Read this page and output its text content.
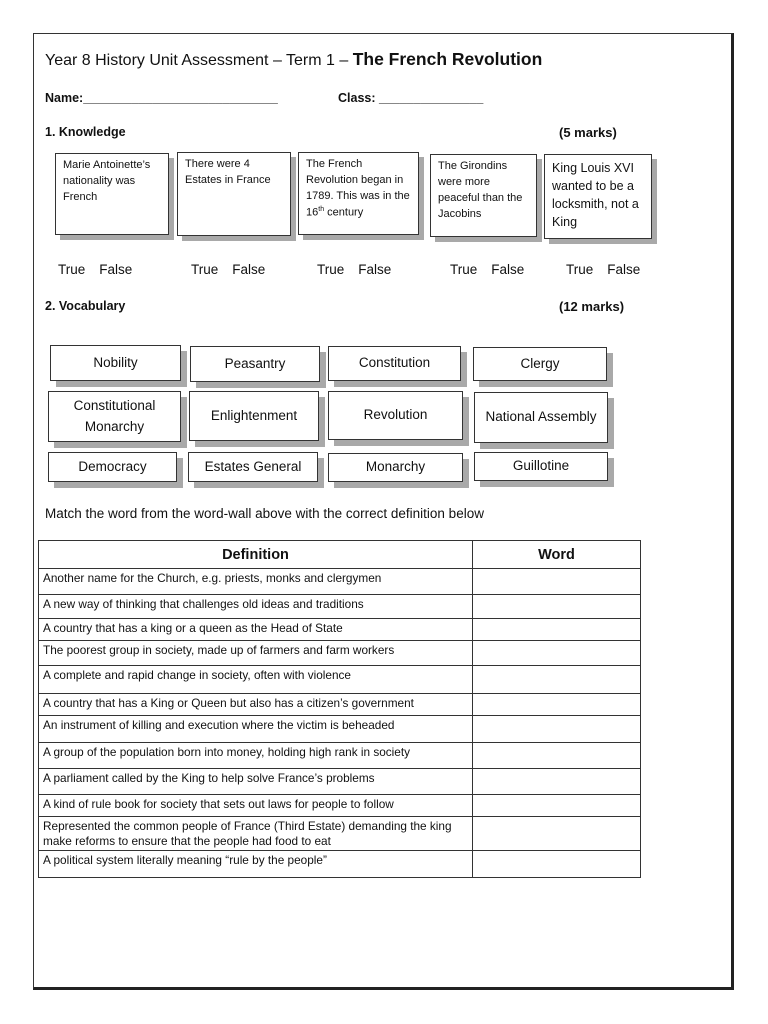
Year 8 History Unit Assessment – Term 1 – The French Revolution
Name:____________________________	Class: _______________
1. Knowledge	(5 marks)
Marie Antoinette’s nationality was French
There were 4 Estates in France
The French Revolution began in 1789. This was in the 16th century
The Girondins were more peaceful than the Jacobins
King Louis XVI wanted to be a locksmith, not a King
True False	True False	True False	True False	True False
2. Vocabulary	(12 marks)
Nobility	Peasantry	Constitution	Clergy
Constitutional Monarchy
Enlightenment	Revolution	National Assembly
Democracy	Estates General	Monarchy	Guillotine
Match the word from the word-wall above with the correct definition below
Definition	Word
Another name for the Church, e.g. priests, monks and clergymen	
A new way of thinking that challenges old ideas and traditions	
A country that has a king or a queen as the Head of State	
The poorest group in society, made up of farmers and farm workers	
A complete and rapid change in society, often with violence	
A country that has a King or Queen but also has a citizen’s government	
An instrument of killing and execution where the victim is beheaded	
A group of the population born into money, holding high rank in society	
A parliament called by the King to help solve France’s problems	
A kind of rule book for society that sets out laws for people to follow	
Represented the common people of France (Third Estate) demanding the king make reforms to ensure that the people had food to eat	
A political system literally meaning “rule by the people”	
